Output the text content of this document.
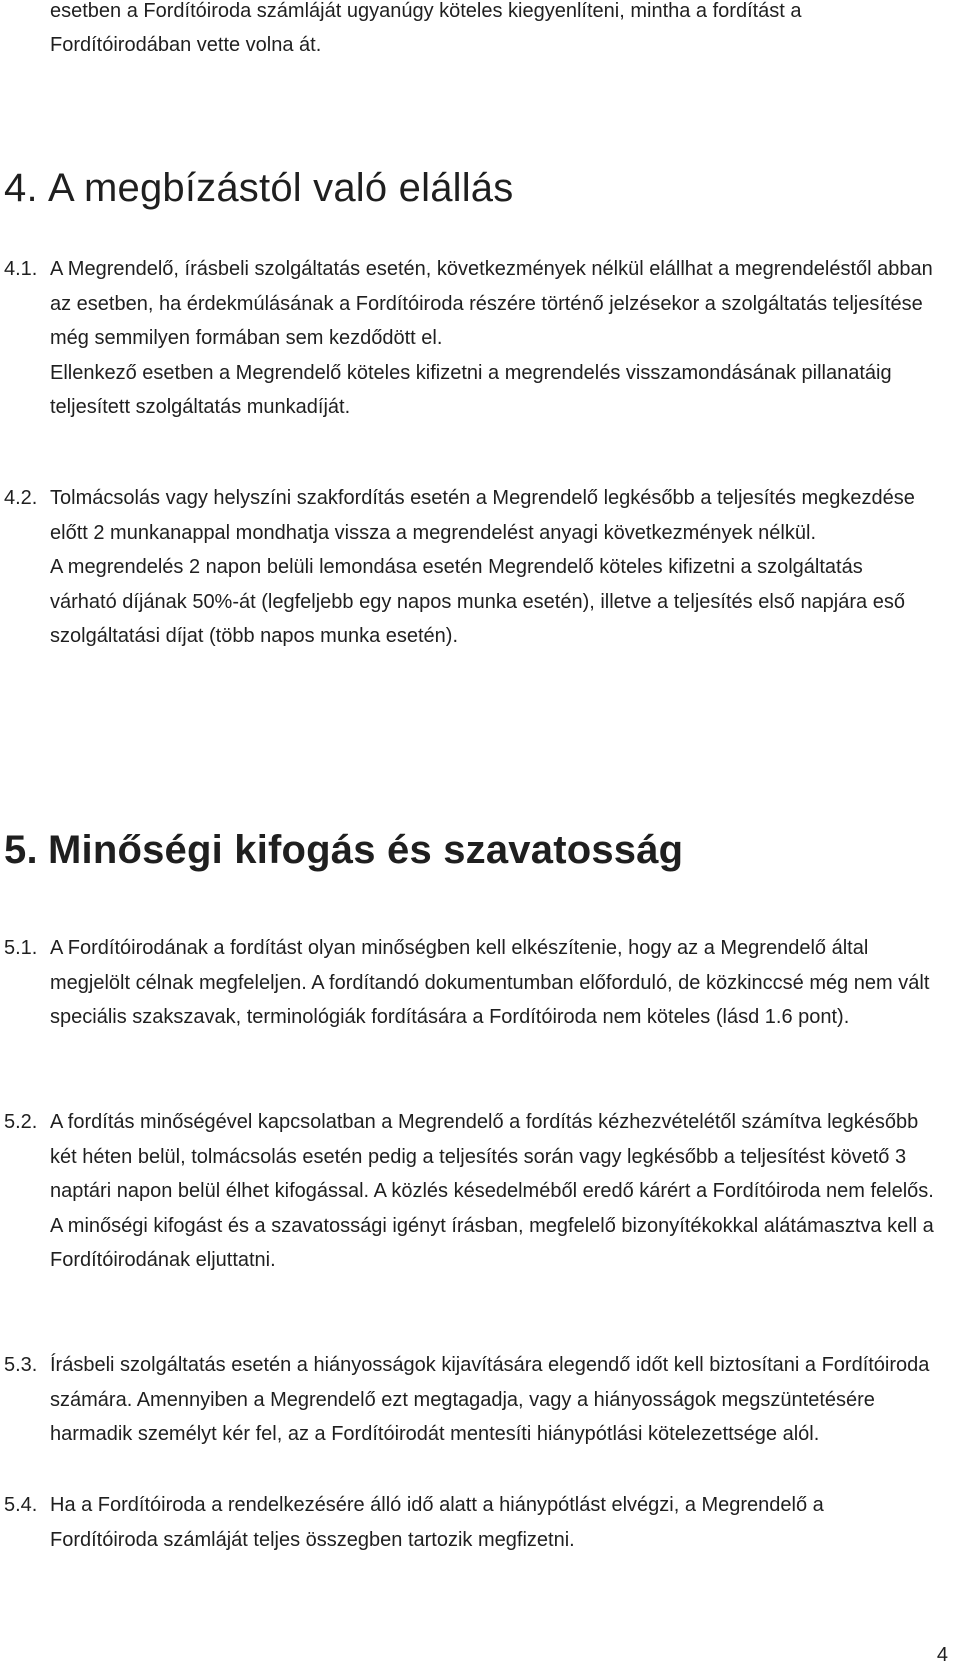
esetben a Fordítóiroda számláját ugyanúgy köteles kiegyenlíteni, mintha a fordítást a Fordítóirodában vette volna át.
4. A megbízástól való elállás
4.1. A Megrendelő, írásbeli szolgáltatás esetén, következmények nélkül elállhat a megrendeléstől abban az esetben, ha érdekmúlásának a Fordítóiroda részére történő jelzésekor a szolgáltatás teljesítése még semmilyen formában sem kezdődött el.

Ellenkező esetben a Megrendelő köteles kifizetni a megrendelés visszamondásának pillanatáig teljesített szolgáltatás munkadíját.

4.2. Tolmácsolás vagy helyszíni szakfordítás esetén a Megrendelő legkésőbb a teljesítés megkezdése előtt 2 munkanappal mondhatja vissza a megrendelést anyagi következmények nélkül.

A megrendelés 2 napon belüli lemondása esetén Megrendelő köteles kifizetni a szolgáltatás várható díjának 50%-át (legfeljebb egy napos munka esetén), illetve a teljesítés első napjára eső szolgáltatási díjat (több napos munka esetén).

5. Minőségi kifogás és szavatosság
5.1. A Fordítóirodának a fordítást olyan minőségben kell elkészítenie, hogy az a Megrendelő által megjelölt célnak megfeleljen. A fordítandó dokumentumban előforduló, de közkinccsé még nem vált speciális szakszavak, terminológiák fordítására a Fordítóiroda nem köteles (lásd 1.6 pont).

5.2. A fordítás minőségével kapcsolatban a Megrendelő a fordítás kézhezvételétől számítva legkésőbb két héten belül, tolmácsolás esetén pedig a teljesítés során vagy legkésőbb a teljesítést követő 3 naptári napon belül élhet kifogással. A közlés késedelméből eredő kárért a Fordítóiroda nem felelős.

A minőségi kifogást és a szavatossági igényt írásban, megfelelő bizonyítékokkal alátámasztva kell a Fordítóirodának eljuttatni.

5.3. Írásbeli szolgáltatás esetén a hiányosságok kijavítására elegendő időt kell biztosítani a Fordítóiroda számára. Amennyiben a Megrendelő ezt megtagadja, vagy a hiányosságok megszüntetésére harmadik személyt kér fel, az a Fordítóirodát mentesíti hiánypótlási kötelezettsége alól.

5.4. Ha a Fordítóiroda a rendelkezésére álló idő alatt a hiánypótlást elvégzi, a Megrendelő a Fordítóiroda számláját teljes összegben tartozik megfizetni.

4
